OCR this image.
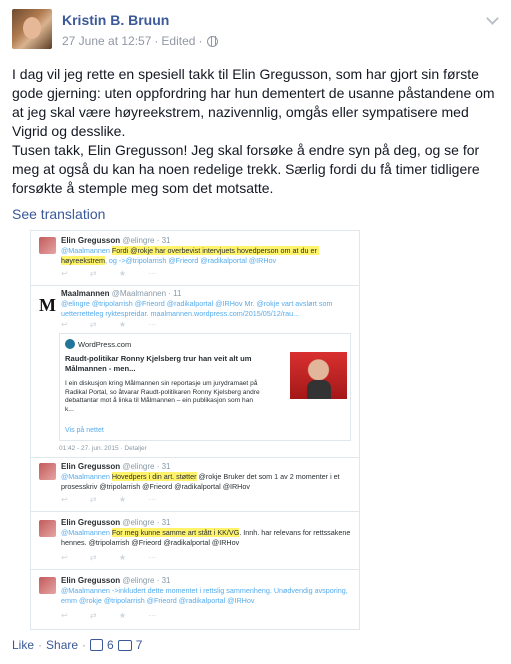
Kristin B. Bruun
27 June at 12:57 · Edited ·

I dag vil jeg rette en spesiell takk til Elin Gregusson, som har gjort sin første gode gjerning: uten oppfordring har hun dementert de usanne påstandene om at jeg skal være høyreekstrem, nazivennlig, omgås eller sympatisere med Vigrid og desslike.

Tusen takk, Elin Gregusson! Jeg skal forsøke å endre syn på deg, og se for meg at også du kan ha noen redelige trekk. Særlig fordi du få timer tidligere forsøkte å stemple meg som det motsatte.

See translation
Elin Gregusson @elingre · 31
@Maalmannen Fordi @rokje har overbevist intervjuets hovedperson om at du er høyreekstrem, og ->@tripolarrish @Frieord @radikalportal @IRHov
↩ ⇄ ★ ⋯
M
Maalmannen @Maalmannen · 11
@elingre @tripolarrish @Frieord @radikalportal @IRHov Mr. @rokje vart avslørt som uetterretteleg ryktespreidar. maalmannen.wordpress.com/2015/05/12/rau...
↩ ⇄ ★ ⋯
WordPress.com
Raudt-politikar Ronny Kjelsberg trur han veit alt um Målmannen - men...
I ein diskusjon kring Målmannen sin reportasje um jurydramaet på Radikal Portal, so åtvarar Raudt-politikaren Ronny Kjelsberg andre debattantar mot å linka til Målmannen – ein publikasjon som han k...
Vis på nettet
01:42 - 27. jun. 2015 · Detaljer
Elin Gregusson @elingre · 31
@Maalmannen Hovedpers i din art. støtter @rokje Bruker det som 1 av 2 momenter i et prosesskriv @tripolarrish @Frieord @radikalportal @IRHov
↩ ⇄ ★ ⋯
Elin Gregusson @elingre · 31
@Maalmannen For meg kunne samme art stått i KK/VG. Innh. har relevans for rettssakene hennes. @tripolarrish @Frieord @radikalportal @IRHov
↩ ⇄ ★ ⋯
Elin Gregusson @elingre · 31
@Maalmannen ->inkludert dette momentet i rettslig sammenheng. Unødvendig avsporing, emm @rokje @tripolarrish @Frieord @radikalportal @IRHov
↩ ⇄ ★ ⋯
Like · Share · 6 7
